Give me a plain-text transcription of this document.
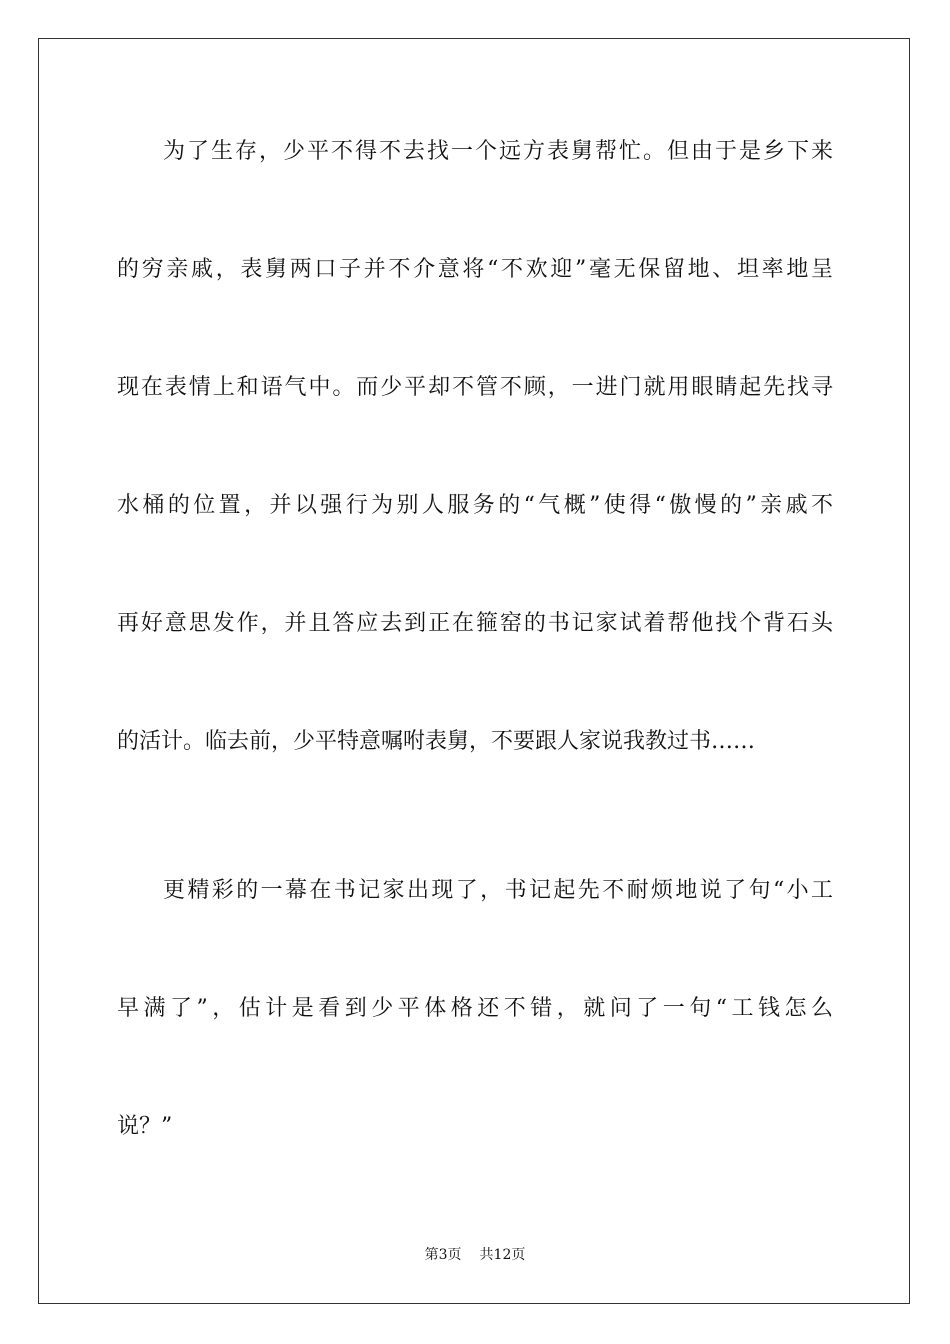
为了生存，少平不得不去找一个远方表舅帮忙。但由于是乡下来
的穷亲戚，表舅两口子并不介意将“不欢迎”毫无保留地、坦率地呈
现在表情上和语气中。而少平却不管不顾，一进门就用眼睛起先找寻
水桶的位置，并以强行为别人服务的“气概”使得“傲慢的”亲戚不
再好意思发作，并且答应去到正在箍窑的书记家试着帮他找个背石头
的活计。临去前，少平特意嘱咐表舅，不要跟人家说我教过书……
更精彩的一幕在书记家出现了，书记起先不耐烦地说了句“小工
早满了”，估计是看到少平体格还不错，就问了一句“工钱怎么
说？”
第3页 共12页
